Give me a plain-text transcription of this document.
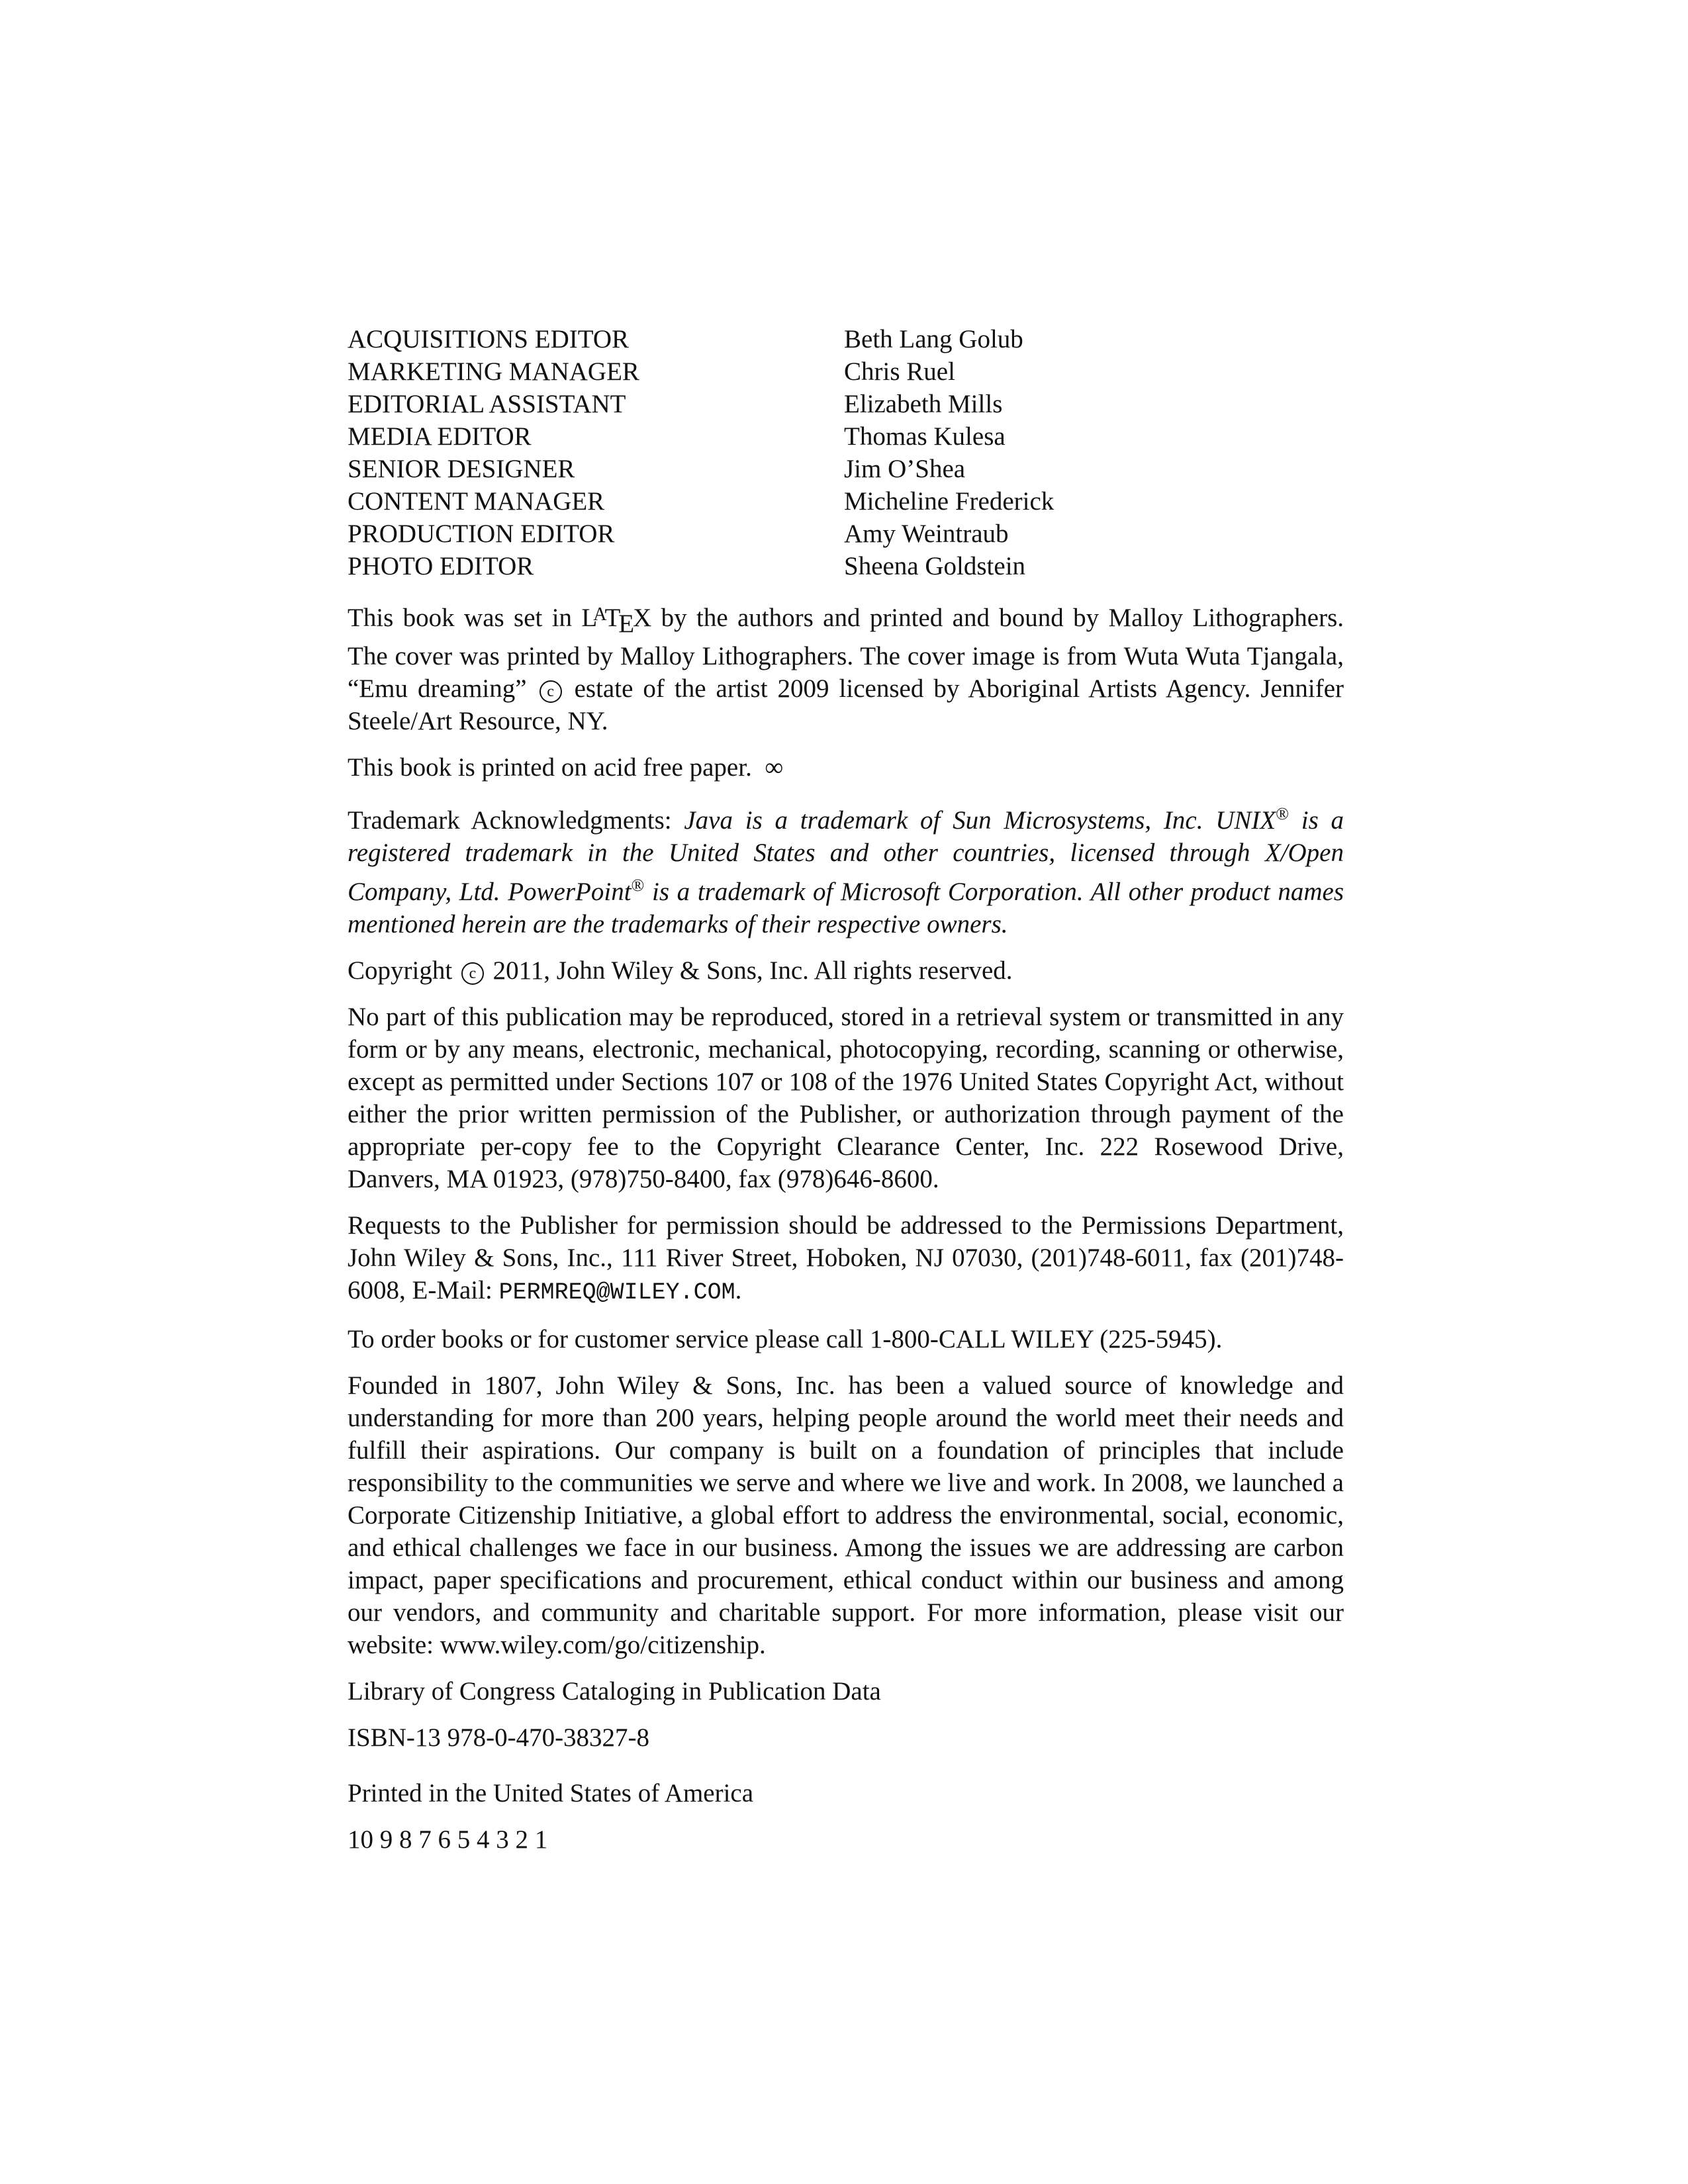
ACQUISITIONS EDITOR	Beth Lang Golub
MARKETING MANAGER	Chris Ruel
EDITORIAL ASSISTANT	Elizabeth Mills
MEDIA EDITOR	Thomas Kulesa
SENIOR DESIGNER	Jim O’Shea
CONTENT MANAGER	Micheline Frederick
PRODUCTION EDITOR	Amy Weintraub
PHOTO EDITOR	Sheena Goldstein

This book was set in $L^ATEX$ by the authors and printed and bound by Malloy Lithographers. The cover was printed by Malloy Lithographers. The cover image is from Wuta Wuta Tjangala, “Emu dreaming” c estate of the artist 2009 licensed by Aboriginal Artists Agency. Jennifer Steele/Art Resource, NY.

This book is printed on acid free paper. ∞

Trademark Acknowledgments: Java is a trademark of Sun Microsystems, Inc. UNIX® is a registered trademark in the United States and other countries, licensed through X/Open Company, Ltd. PowerPoint® is a trademark of Microsoft Corporation. All other product names mentioned herein are the trademarks of their respective owners.

Copyright c 2011, John Wiley & Sons, Inc. All rights reserved.

No part of this publication may be reproduced, stored in a retrieval system or transmitted in any form or by any means, electronic, mechanical, photocopying, recording, scanning or otherwise, except as permitted under Sections 107 or 108 of the 1976 United States Copyright Act, without either the prior written permission of the Publisher, or authorization through payment of the appropriate per-copy fee to the Copyright Clearance Center, Inc. 222 Rosewood Drive, Danvers, MA 01923, (978)750-8400, fax (978)646-8600.

Requests to the Publisher for permission should be addressed to the Permissions Department, John Wiley & Sons, Inc., 111 River Street, Hoboken, NJ 07030, (201)748-6011, fax (201)748-6008, E-Mail: PERMREQ@WILEY.COM.

To order books or for customer service please call 1-800-CALL WILEY (225-5945).

Founded in 1807, John Wiley & Sons, Inc. has been a valued source of knowledge and understanding for more than 200 years, helping people around the world meet their needs and fulfill their aspirations. Our company is built on a foundation of principles that include responsibility to the communities we serve and where we live and work. In 2008, we launched a Corporate Citizenship Initiative, a global effort to address the environmental, social, economic, and ethical challenges we face in our business. Among the issues we are addressing are carbon impact, paper specifications and procurement, ethical conduct within our business and among our vendors, and community and charitable support. For more information, please visit our website: www.wiley.com/go/citizenship.

Library of Congress Cataloging in Publication Data

ISBN-13 978-0-470-38327-8

Printed in the United States of America

10 9 8 7 6 5 4 3 2 1
